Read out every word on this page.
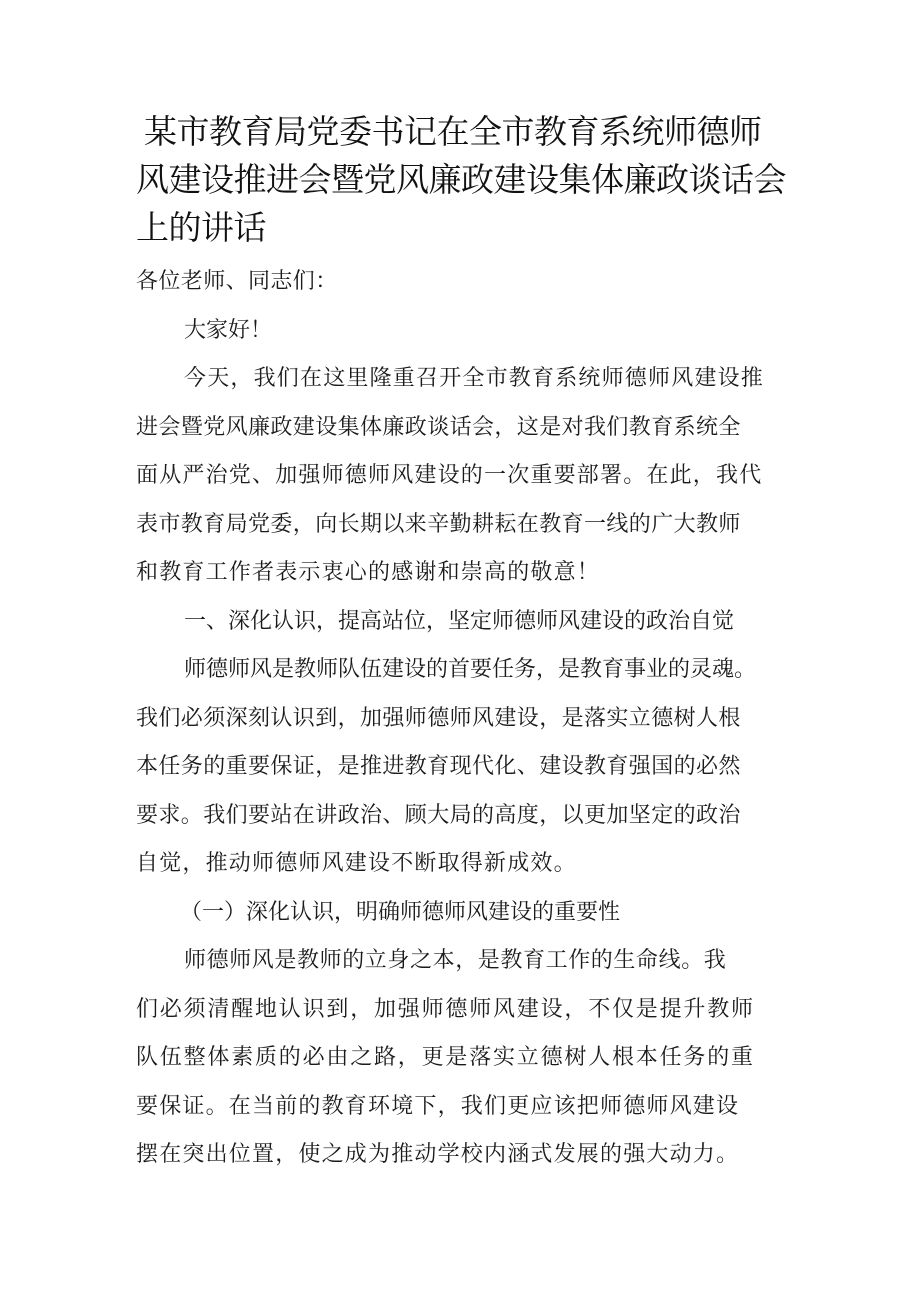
某市教育局党委书记在全市教育系统师德师
风建设推进会暨党风廉政建设集体廉政谈话会
上的讲话
各位老师、同志们：
大家好！
今天，我们在这里隆重召开全市教育系统师德师风建设推
进会暨党风廉政建设集体廉政谈话会，这是对我们教育系统全
面从严治党、加强师德师风建设的一次重要部署。在此，我代
表市教育局党委，向长期以来辛勤耕耘在教育一线的广大教师
和教育工作者表示衷心的感谢和崇高的敬意！
一、深化认识，提高站位，坚定师德师风建设的政治自觉
师德师风是教师队伍建设的首要任务，是教育事业的灵魂。
我们必须深刻认识到，加强师德师风建设，是落实立德树人根
本任务的重要保证，是推进教育现代化、建设教育强国的必然
要求。我们要站在讲政治、顾大局的高度，以更加坚定的政治
自觉，推动师德师风建设不断取得新成效。
（一）深化认识，明确师德师风建设的重要性
师德师风是教师的立身之本，是教育工作的生命线。我
们必须清醒地认识到，加强师德师风建设，不仅是提升教师
队伍整体素质的必由之路，更是落实立德树人根本任务的重
要保证。在当前的教育环境下，我们更应该把师德师风建设
摆在突出位置，使之成为推动学校内涵式发展的强大动力。
